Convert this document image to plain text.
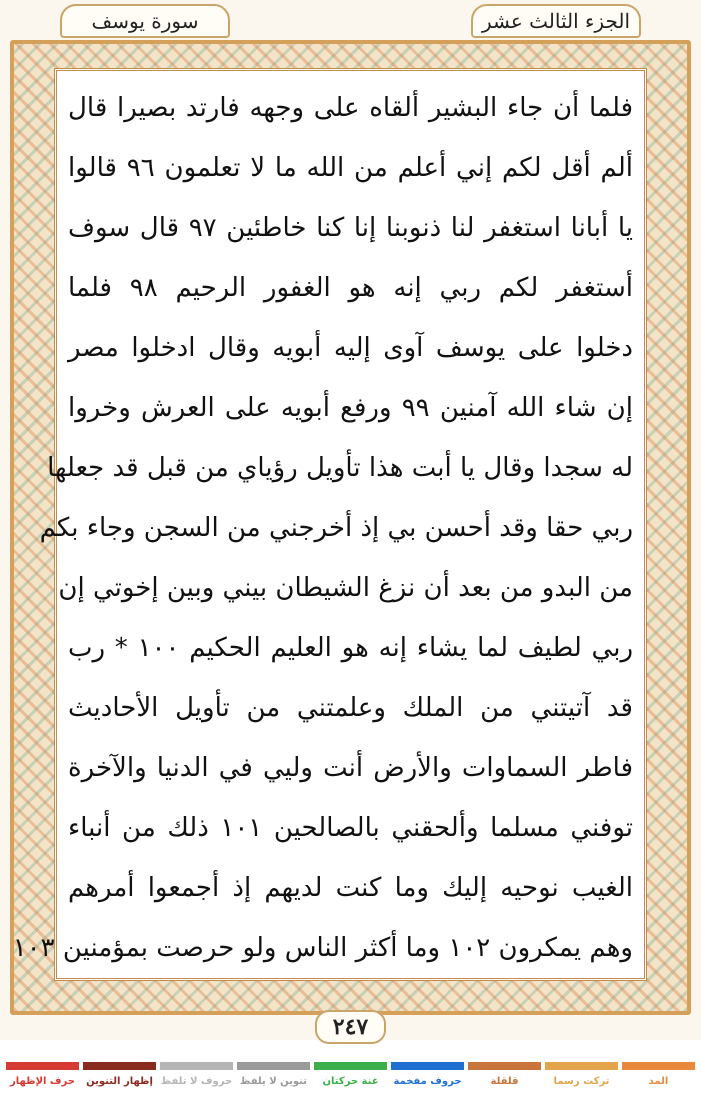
سورة يوسف	الجزء الثالث عشر
فلما أن جاء البشير ألقاه على وجهه فارتد بصيرا قال
ألم أقل لكم إني أعلم من الله ما لا تعلمون ٩٦ قالوا
يا أبانا استغفر لنا ذنوبنا إنا كنا خاطئين ٩٧ قال سوف
أستغفر لكم ربي إنه هو الغفور الرحيم ٩٨ فلما
دخلوا على يوسف آوى إليه أبويه وقال ادخلوا مصر
إن شاء الله آمنين ٩٩ ورفع أبويه على العرش وخروا
له سجدا وقال يا أبت هذا تأويل رؤياي من قبل قد جعلها
ربي حقا وقد أحسن بي إذ أخرجني من السجن وجاء بكم
من البدو من بعد أن نزغ الشيطان بيني وبين إخوتي إن
ربي لطيف لما يشاء إنه هو العليم الحكيم ١٠٠ * رب
قد آتيتني من الملك وعلمتني من تأويل الأحاديث
فاطر السماوات والأرض أنت وليي في الدنيا والآخرة
توفني مسلما وألحقني بالصالحين ١٠١ ذلك من أنباء
الغيب نوحيه إليك وما كنت لديهم إذ أجمعوا أمرهم
وهم يمكرون ١٠٢ وما أكثر الناس ولو حرصت بمؤمنين ١٠٣
٢٤٧
المد
تركت رسما
قلقلة
حروف مفخمة
غنة حركتان
تنوين لا يلفظ
حروف لا تلفظ
إظهار التنوين
حرف الإظهار
